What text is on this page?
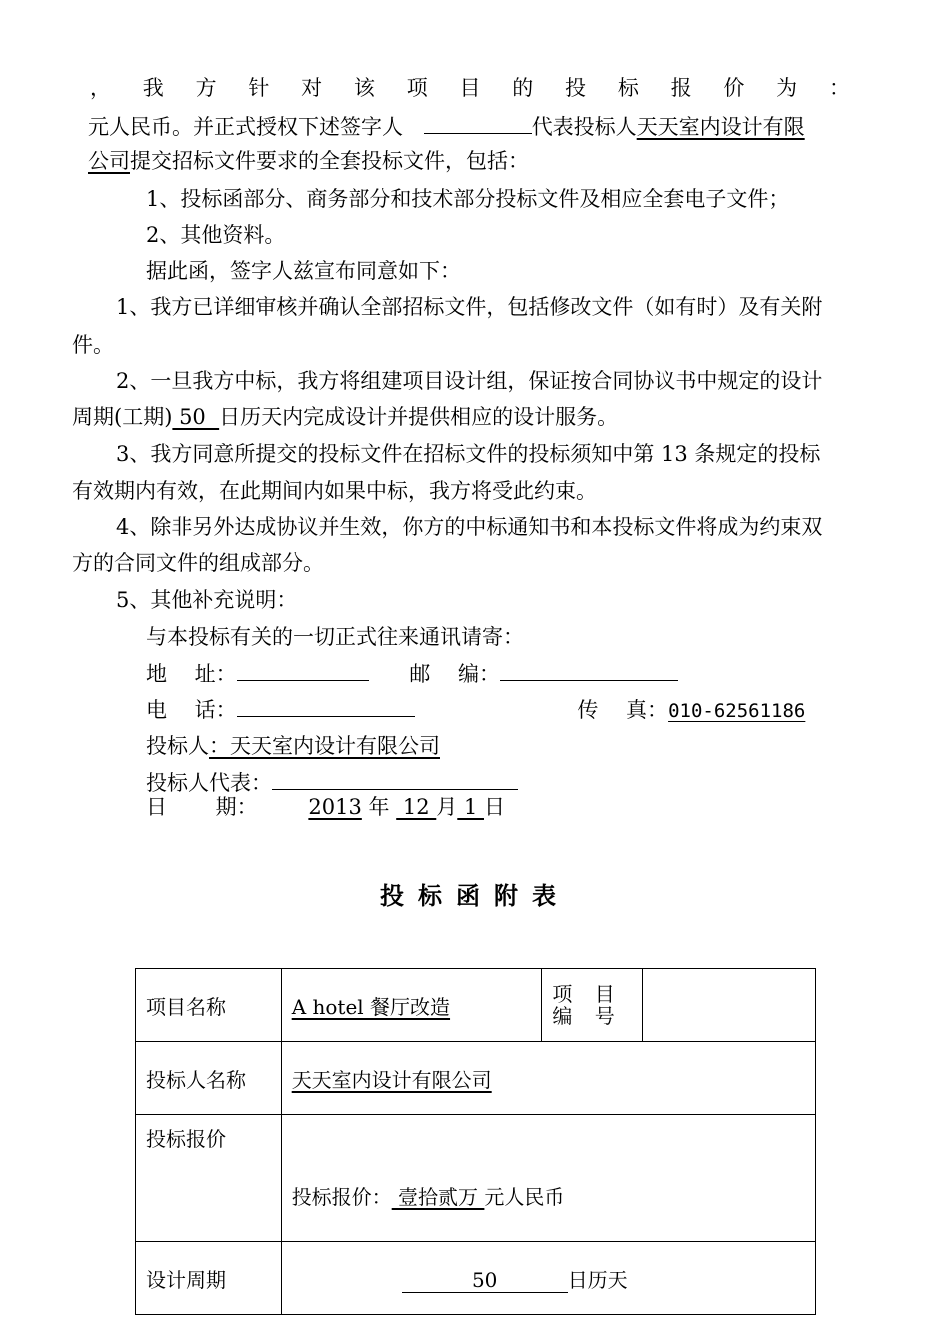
， 我 方 针 对 该 项 目 的 投 标 报 价 为 ：
元人民币。并正式授权下述签字人	代表投标人天天室内设计有限
公司提交招标文件要求的全套投标文件，包括：
1、投标函部分、商务部分和技术部分投标文件及相应全套电子文件；
2、其他资料。
据此函，签字人兹宣布同意如下：
1、我方已详细审核并确认全部招标文件，包括修改文件（如有时）及有关附
件。
2、一旦我方中标，我方将组建项目设计组，保证按合同协议书中规定的设计
周期(工期) 50  日历天内完成设计并提供相应的设计服务。
3、我方同意所提交的投标文件在招标文件的投标须知中第 13 条规定的投标
有效期内有效，在此期间内如果中标，我方将受此约束。
4、除非另外达成协议并生效，你方的中标通知书和本投标文件将成为约束双
方的合同文件的组成部分。
5、其他补充说明：
与本投标有关的一切正式往来通讯请寄：
地　 址：	邮　 编：
电　 话：	传　 真：010-62561186
投标人：天天室内设计有限公司
投标人代表：
日　　 期： 2013 年  12 月 1 日
投标函附表
项目名称	A hotel 餐厅改造	项 目 编 号	

投标人名称	天天室内设计有限公司		
投标报价	投标报价： 壹拾贰万 元人民币		
设计周期	50 日历天		
